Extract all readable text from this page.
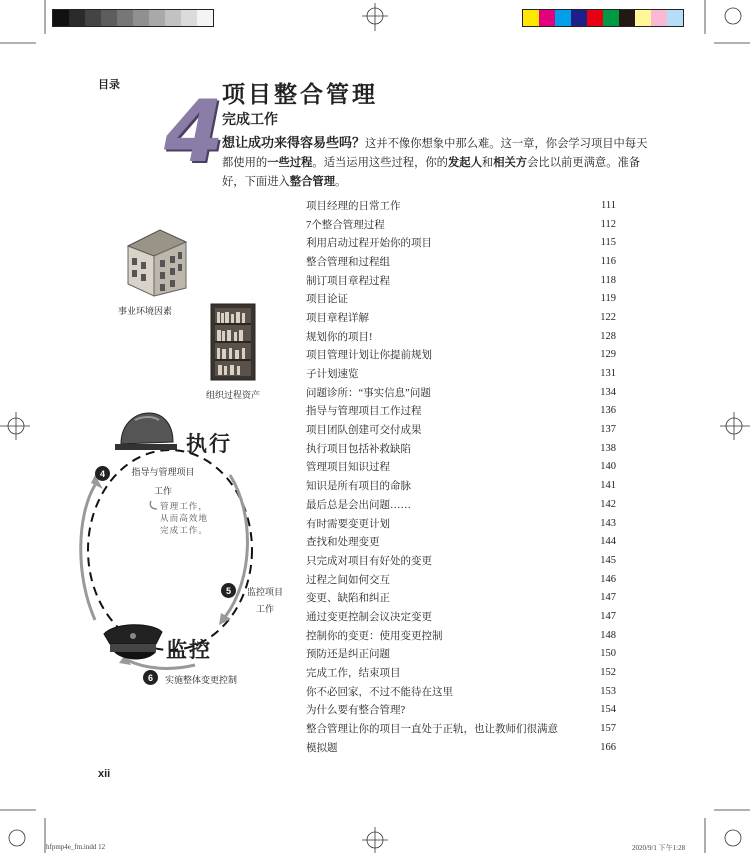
目录 4
项目整合管理
完成工作
想让成功来得容易些吗？这并不像你想象中那么难。这一章，你会学习项目中每天都使用的一些过程。适当运用这些过程，你的发起人和相关方会比以前更满意。准备好，下面进入整合管理。
事业环境因素
组织过程资产
执行
4	指导与管理项目
工作
管理工作，
从而高效地
完成工作。
5	监控项目
工作
监控
6	实施整体变更控制
项目经理的日常工作	111
7个整合管理过程	112
利用启动过程开始你的项目	115
整合管理和过程组	116
制订项目章程过程	118
项目论证	119
项目章程详解	122
规划你的项目!	128
项目管理计划让你提前规划	129
子计划速览	131
问题诊所：“事实信息”问题	134
指导与管理项目工作过程	136
项目团队创建可交付成果	137
执行项目包括补救缺陷	138
管理项目知识过程	140
知识是所有项目的命脉	141
最后总是会出问题……	142
有时需要变更计划	143
查找和处理变更	144
只完成对项目有好处的变更	145
过程之间如何交互	146
变更、缺陷和纠正	147
通过变更控制会议决定变更	147
控制你的变更：使用变更控制	148
预防还是纠正问题	150
完成工作，结束项目	152
你不必回家，不过不能待在这里	153
为什么要有整合管理?	154
整合管理让你的项目一直处于正轨，也让教师们很满意	157
模拟题	166
xii
hfpmp4e_fm.indd 12	2020/9/1 下午1:28
